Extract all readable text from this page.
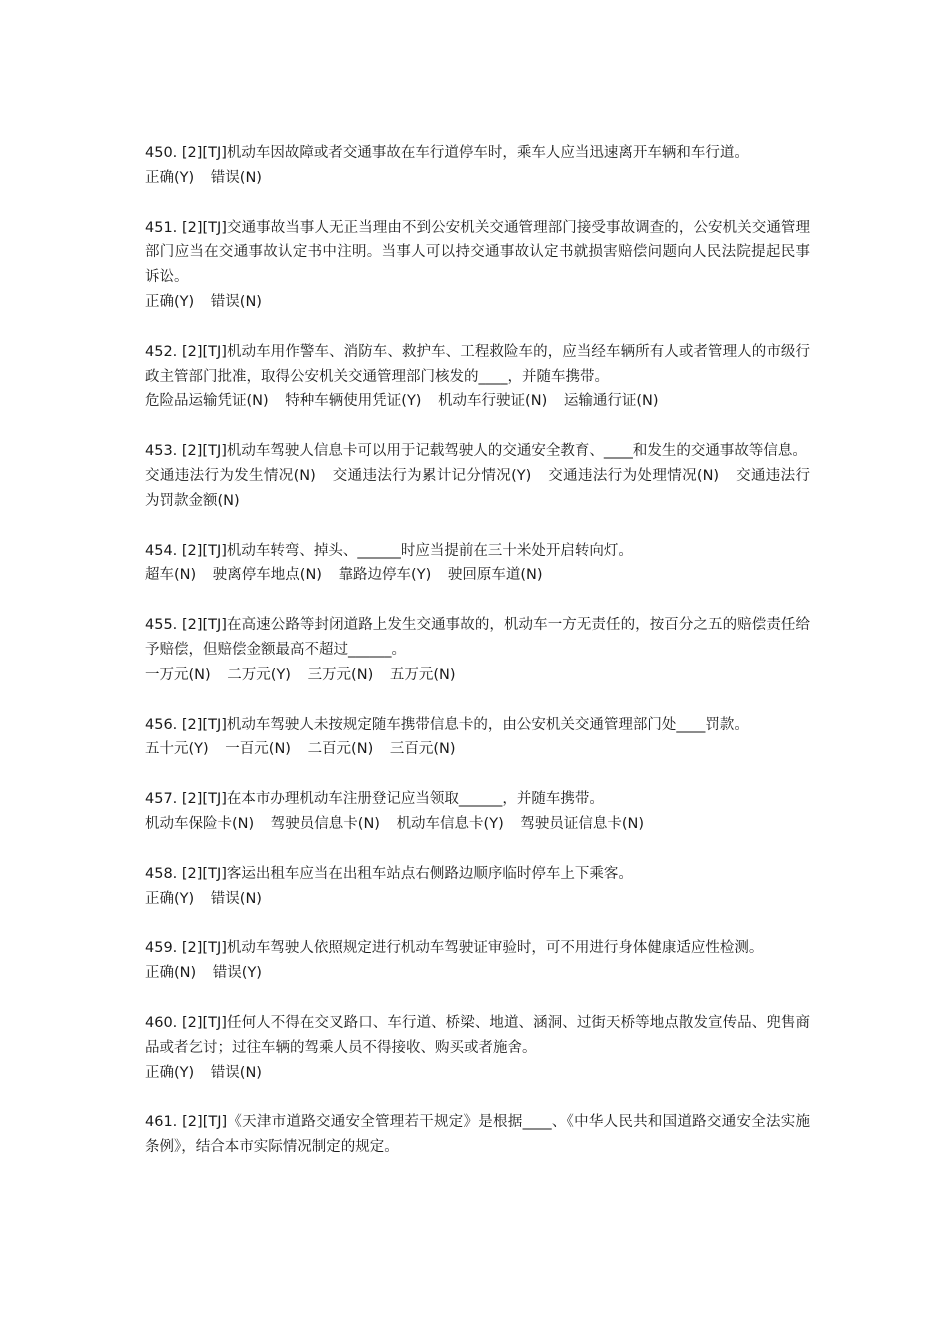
450. [2][TJ]机动车因故障或者交通事故在车行道停车时，乘车人应当迅速离开车辆和车行道。

正确(Y) 错误(N)

451. [2][TJ]交通事故当事人无正当理由不到公安机关交通管理部门接受事故调查的，公安机关交通管理部门应当在交通事故认定书中注明。当事人可以持交通事故认定书就损害赔偿问题向人民法院提起民事诉讼。

正确(Y) 错误(N)

452. [2][TJ]机动车用作警车、消防车、救护车、工程救险车的，应当经车辆所有人或者管理人的市级行政主管部门批准，取得公安机关交通管理部门核发的____，并随车携带。

危险品运输凭证(N) 特种车辆使用凭证(Y) 机动车行驶证(N) 运输通行证(N)

453. [2][TJ]机动车驾驶人信息卡可以用于记载驾驶人的交通安全教育、____和发生的交通事故等信息。

交通违法行为发生情况(N) 交通违法行为累计记分情况(Y) 交通违法行为处理情况(N) 交通违法行为罚款金额(N)

454. [2][TJ]机动车转弯、掉头、______时应当提前在三十米处开启转向灯。

超车(N) 驶离停车地点(N) 靠路边停车(Y) 驶回原车道(N)

455. [2][TJ]在高速公路等封闭道路上发生交通事故的，机动车一方无责任的，按百分之五的赔偿责任给予赔偿，但赔偿金额最高不超过______。

一万元(N) 二万元(Y) 三万元(N) 五万元(N)

456. [2][TJ]机动车驾驶人未按规定随车携带信息卡的，由公安机关交通管理部门处____罚款。

五十元(Y) 一百元(N) 二百元(N) 三百元(N)

457. [2][TJ]在本市办理机动车注册登记应当领取______，并随车携带。

机动车保险卡(N) 驾驶员信息卡(N) 机动车信息卡(Y) 驾驶员证信息卡(N)

458. [2][TJ]客运出租车应当在出租车站点右侧路边顺序临时停车上下乘客。

正确(Y) 错误(N)

459. [2][TJ]机动车驾驶人依照规定进行机动车驾驶证审验时，可不用进行身体健康适应性检测。

正确(N) 错误(Y)

460. [2][TJ]任何人不得在交叉路口、车行道、桥梁、地道、涵洞、过街天桥等地点散发宣传品、兜售商品或者乞讨；过往车辆的驾乘人员不得接收、购买或者施舍。

正确(Y) 错误(N)

461. [2][TJ]《天津市道路交通安全管理若干规定》是根据____、《中华人民共和国道路交通安全法实施条例》，结合本市实际情况制定的规定。
